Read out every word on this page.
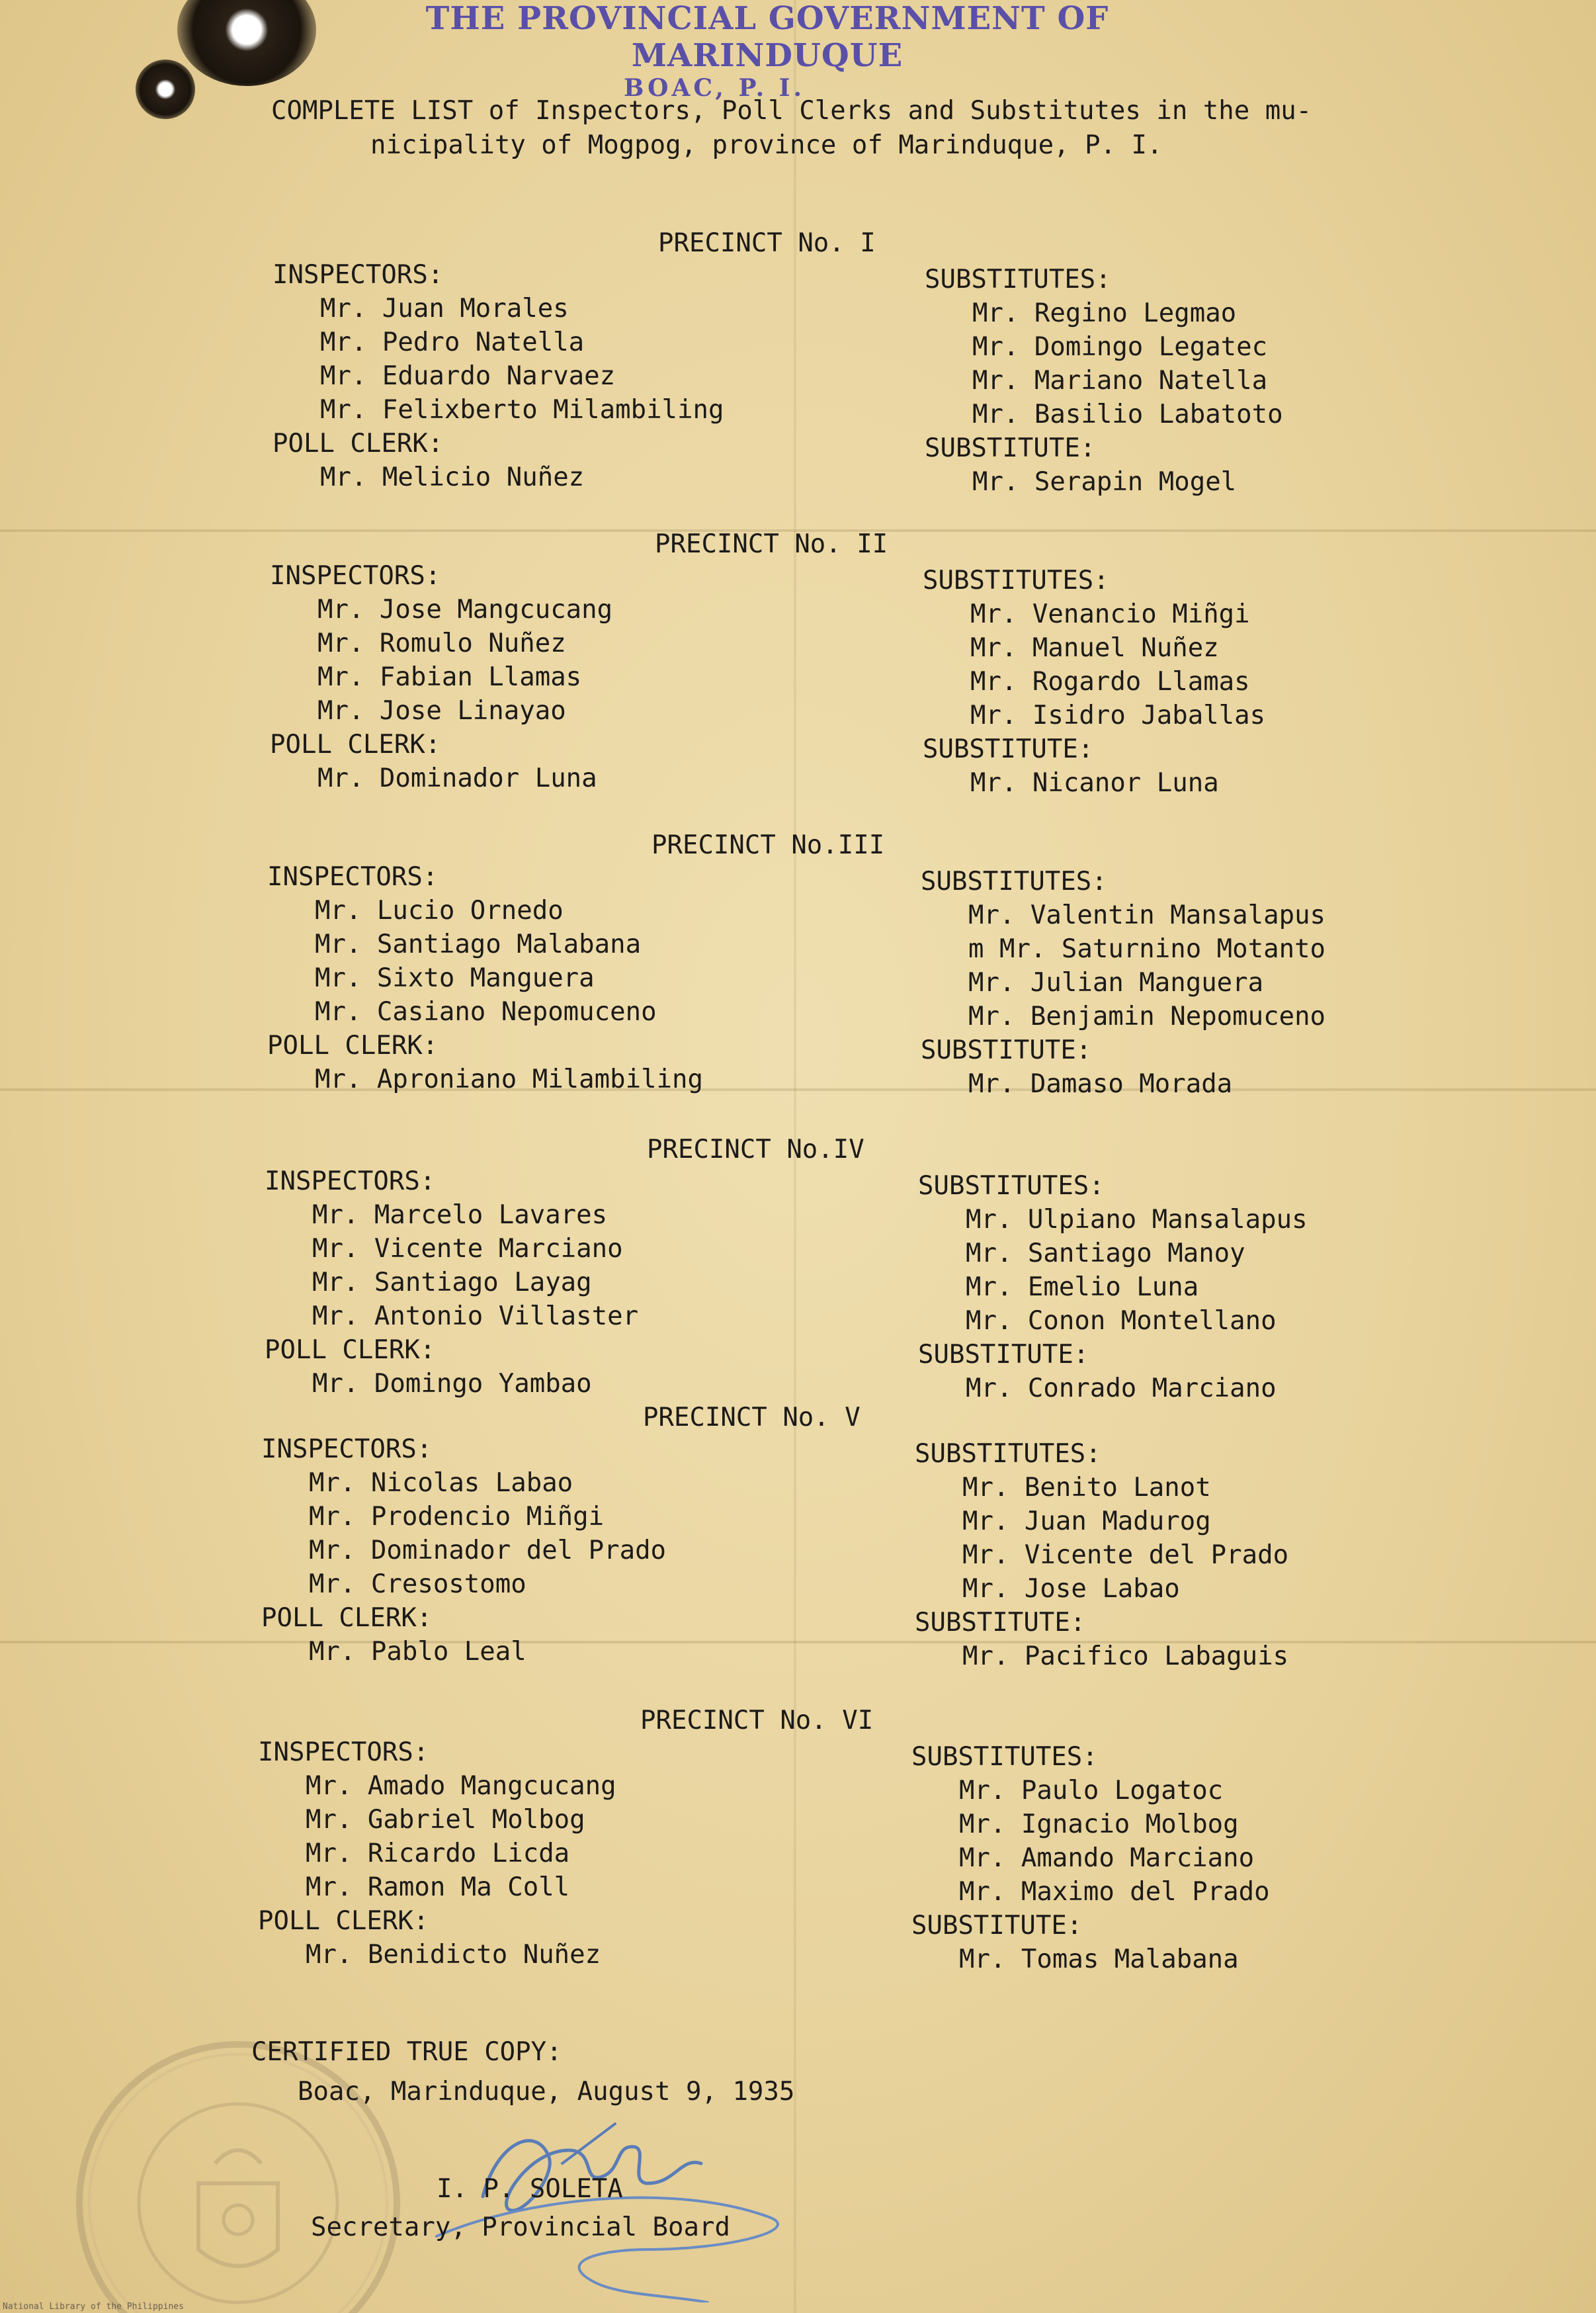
THE PROVINCIAL GOVERNMENT OF MARINDUQUE
BOAC, P. I.
COMPLETE LIST of Inspectors, Poll Clerks and Substitutes in the mu-
nicipality of Mogpog, province of Marinduque, P. I.
PRECINCT No. I
INSPECTORS:
Mr. Juan Morales
Mr. Pedro Natella
Mr. Eduardo Narvaez
Mr. Felixberto Milambiling
POLL CLERK:
Mr. Melicio Nuñez
SUBSTITUTES:
Mr. Regino Legmao
Mr. Domingo Legatec
Mr. Mariano Natella
Mr. Basilio Labatoto
SUBSTITUTE:
Mr. Serapin Mogel
PRECINCT No. II
INSPECTORS:
Mr. Jose Mangcucang
Mr. Romulo Nuñez
Mr. Fabian Llamas
Mr. Jose Linayao
POLL CLERK:
Mr. Dominador Luna
SUBSTITUTES:
Mr. Venancio Miñgi
Mr. Manuel Nuñez
Mr. Rogardo Llamas
Mr. Isidro Jaballas
SUBSTITUTE:
Mr. Nicanor Luna
PRECINCT No.III
INSPECTORS:
Mr. Lucio Ornedo
Mr. Santiago Malabana
Mr. Sixto Manguera
Mr. Casiano Nepomuceno
POLL CLERK:
Mr. Aproniano Milambiling
SUBSTITUTES:
Mr. Valentin Mansalapus
m Mr. Saturnino Motanto
Mr. Julian Manguera
Mr. Benjamin Nepomuceno
SUBSTITUTE:
Mr. Damaso Morada
PRECINCT No.IV
INSPECTORS:
Mr. Marcelo Lavares
Mr. Vicente Marciano
Mr. Santiago Layag
Mr. Antonio Villaster
POLL CLERK:
Mr. Domingo Yambao
SUBSTITUTES:
Mr. Ulpiano Mansalapus
Mr. Santiago Manoy
Mr. Emelio Luna
Mr. Conon Montellano
SUBSTITUTE:
Mr. Conrado Marciano
PRECINCT No. V
INSPECTORS:
Mr. Nicolas Labao
Mr. Prodencio Miñgi
Mr. Dominador del Prado
Mr. Cresostomo
POLL CLERK:
Mr. Pablo Leal
SUBSTITUTES:
Mr. Benito Lanot
Mr. Juan Madurog
Mr. Vicente del Prado
Mr. Jose Labao
SUBSTITUTE:
Mr. Pacifico Labaguis
PRECINCT No. VI
INSPECTORS:
Mr. Amado Mangcucang
Mr. Gabriel Molbog
Mr. Ricardo Licda
Mr. Ramon Ma Coll
POLL CLERK:
Mr. Benidicto Nuñez
SUBSTITUTES:
Mr. Paulo Logatoc
Mr. Ignacio Molbog
Mr. Amando Marciano
Mr. Maximo del Prado
SUBSTITUTE:
Mr. Tomas Malabana
CERTIFIED TRUE COPY:
Boac, Marinduque, August 9, 1935
I. P. SOLETA
Secretary, Provincial Board
National Library of the Philippines
